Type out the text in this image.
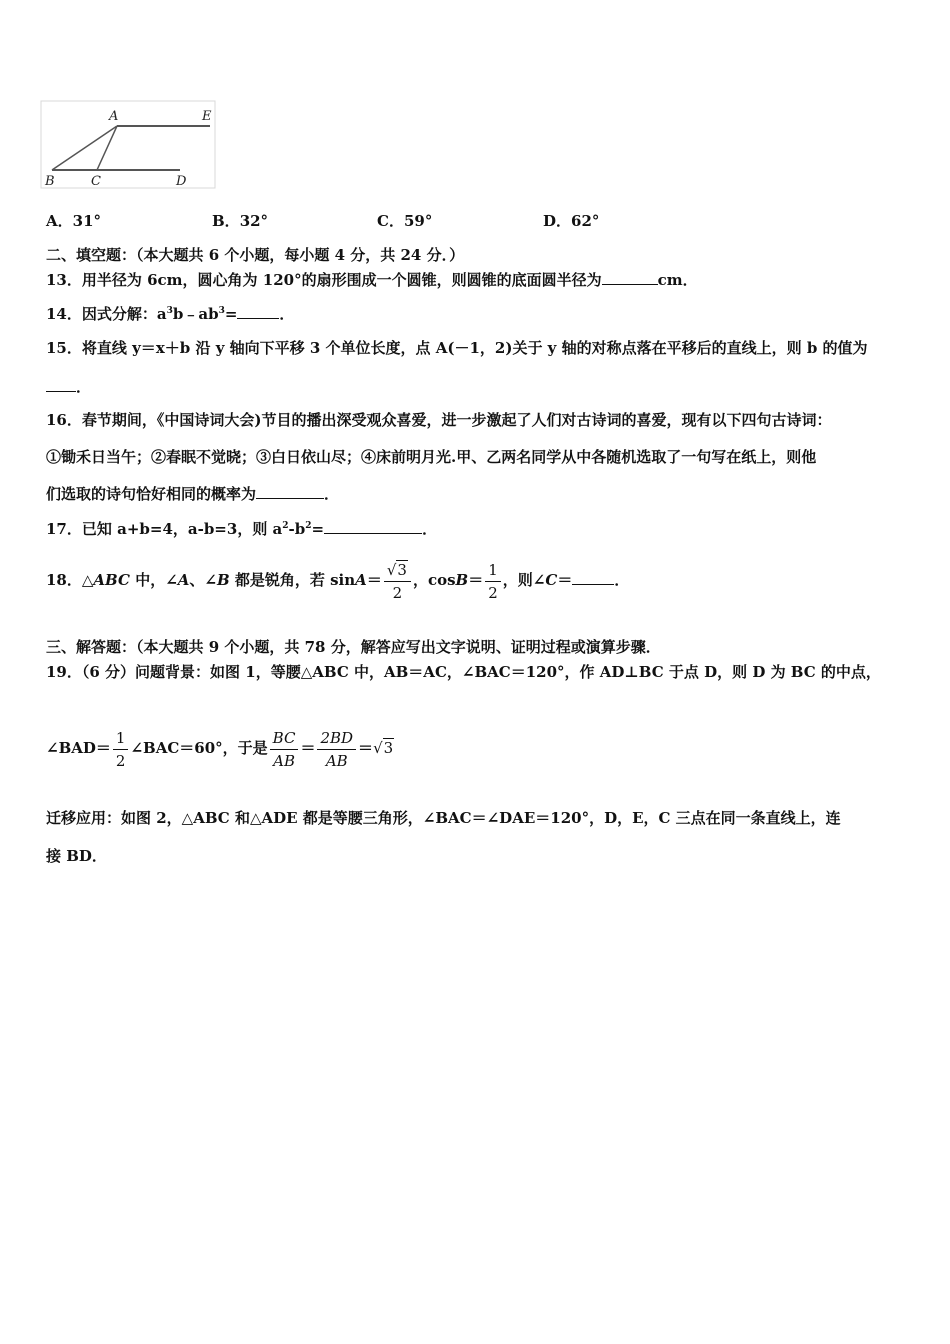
A	E
B	C	D
A．31°	B．32°	C．59°	D．62°
二、填空题：（本大题共 6 个小题，每小题 4 分，共 24 分．）
13．用半径为 6cm，圆心角为 120°的扇形围成一个圆锥，则圆锥的底面圆半径为	cm．
14．因式分解：$a^3b﹣ab^3=$	．
15．将直线 y＝x＋b 沿 y 轴向下平移 3 个单位长度，点 A(－1，2)关于 y 轴的对称点落在平移后的直线上，则 b 的值为
．
16．春节期间，《中国诗词大会)节目的播出深受观众喜爱，进一步激起了人们对古诗词的喜爱，现有以下四句古诗词：
①锄禾日当午；②春眠不觉晓；③白日依山尽；④床前明月光.甲、乙两名同学从中各随机选取了一句写在纸上，则他
们选取的诗句恰好相同的概率为	．
17．已知 a+b=4，a-b=3，则 $a^2-b^2=$	．
18．△ABC 中，∠A、∠B 都是锐角，若 $\sin A= \frac{√3}{2}$ ，$\cos B= \frac{1}{2}$ ，则∠C＝	．
三、解答题：（本大题共 9 个小题，共 78 分，解答应写出文字说明、证明过程或演算步骤．
19．（6 分）问题背景：如图 1，等腰△ABC 中，AB＝AC，∠BAC＝120°，作 AD⊥BC 于点 D，则 D 为 BC 的中点，
∠BAD＝ $\frac{1}{2}$ ∠BAC＝60°，于是 $\frac{BC}{AB} = \frac{2BD}{AB} =√3$
迁移应用：如图 2，△ABC 和△ADE 都是等腰三角形，∠BAC＝∠DAE＝120°，D，E，C 三点在同一条直线上，连
接 BD．
